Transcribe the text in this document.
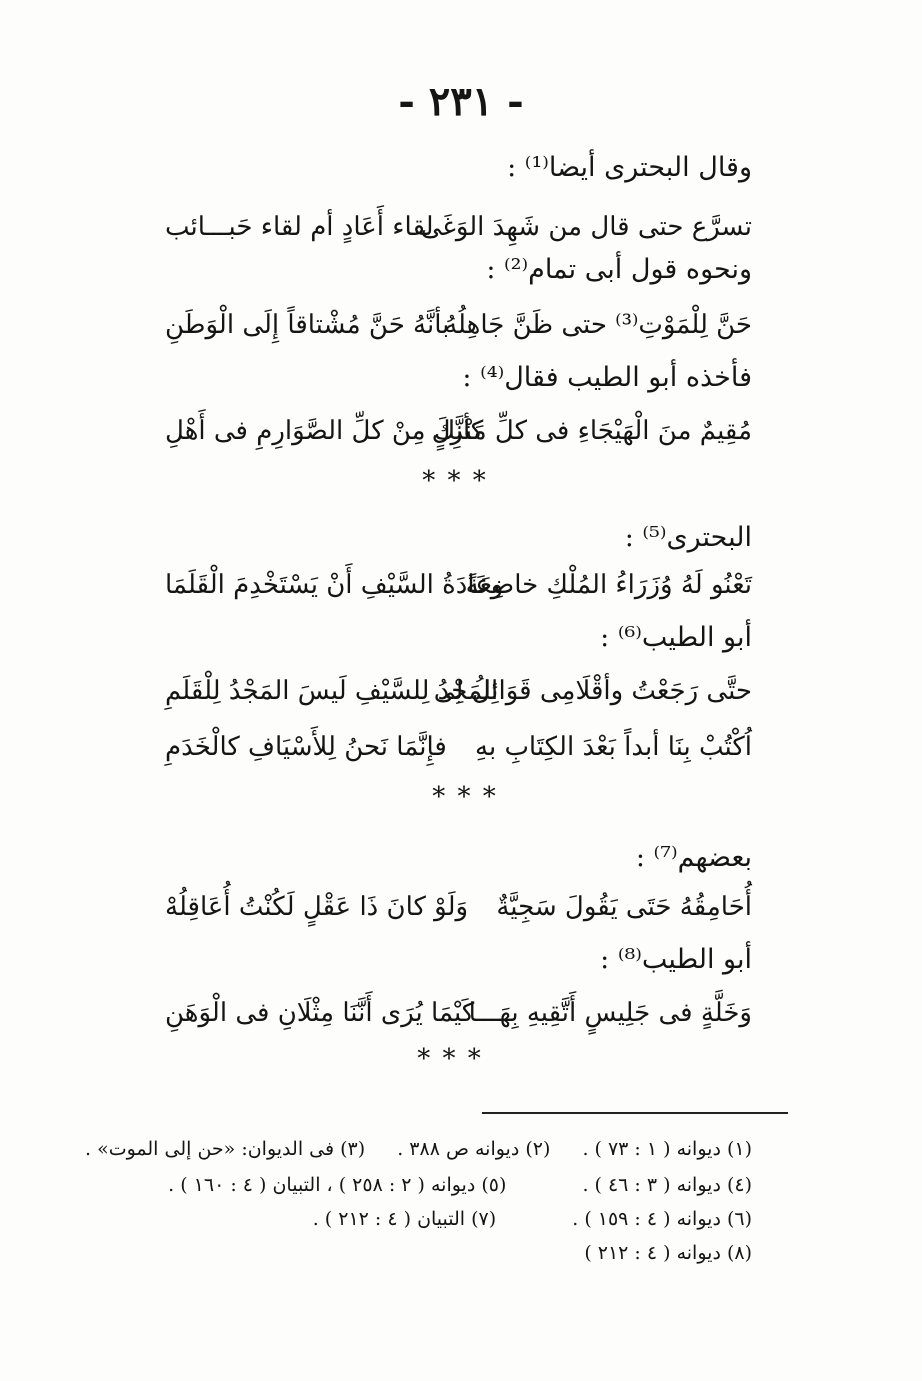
- ٢٣١ -
وقال البحترى أيضا⁽¹⁾ :
تسرَّع حتى قال من شَهِدَ الوَغَى
لقاء أَعَادٍ أم لقاء حَبـــائب
ونحوه قول أبى تمام⁽²⁾ :
حَنَّ لِلْمَوْتِ⁽³⁾ حتى ظَنَّ جَاهِلُهُ
بأنَّهُ حَنَّ مُشْتاقاً إِلَى الْوَطَنِ
فأخذه أبو الطيب فقال⁽⁴⁾ :
مُقِيمٌ منَ الْهَيْجَاءِ فى كلِّ مَنْزِلٍ
كأنَّكَ مِنْ كلِّ الصَّوَارِمِ فى أَهْلِ
* * *
البحترى⁽⁵⁾ :
تَعْنُو لَهُ وُزَرَاءُ المُلْكِ خاضِعَةً
وعَادَةُ السَّيْفِ أَنْ يَسْتَخْدِمَ الْقَلَمَا
أبو الطيب⁽⁶⁾ :
حتَّى رَجَعْتُ وأقْلَامِى قَوَائِلُ لِى
المَجْدُ لِلسَّيْفِ لَيسَ المَجْدُ لِلْقَلَمِ
اُكْتُبْ بِنَا أبداً بَعْدَ الكِتَابِ بهِ
فإِنَّمَا نَحنُ لِلأَسْيَافِ كالْخَدَمِ
* * *
بعضهم⁽⁷⁾ :
أُحَامِقُهُ حَتَى يَقُولَ سَجِيَّةٌ
وَلَوْ كانَ ذَا عَقْلٍ لَكُنْتُ أُعَاقِلُهْ
أبو الطيب⁽⁸⁾ :
وَخَلَّةٍ فى جَلِيسٍ أَتَّقِيهِ بِهَـــا
كَيْمَا يُرَى أَنَّنَا مِثْلَانِ فى الْوَهَنِ
* * *
(١) ديوانه ( ١ : ٧٣ ) . (٢) ديوانه ص ٣٨٨ . (٣) فى الديوان: «حن إلى الموت» .
(٤) ديوانه ( ٣ : ٤٦ ) . (٥) ديوانه ( ٢ : ٢٥٨ ) ، التبيان ( ٤ : ١٦٠ ) .
(٦) ديوانه ( ٤ : ١٥٩ ) . (٧) التبيان ( ٤ : ٢١٢ ) .
(٨) ديوانه ( ٤ : ٢١٢ )
